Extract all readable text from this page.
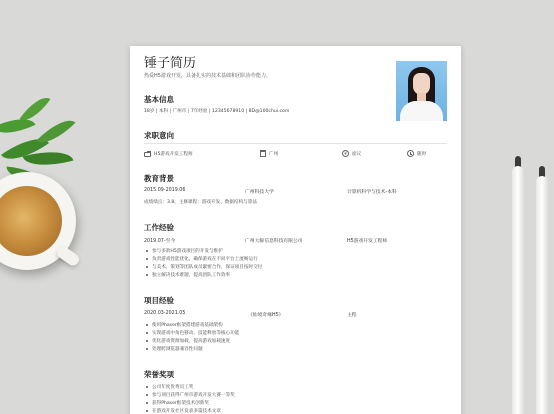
锤子简历
热爱H5游戏开发，具备扎实的技术基础和团队协作能力。
基本信息
18岁 | 本科 | 广州市 | 7年经验 | 12345678910 | 8D@100chui.com
求职意向
H5游戏开发工程师	广州	¥	面议	随时
教育背景
2015.09-2019.06	广州科技大学	计算机科学与技术-本科
成绩绩点：3.8，主修课程：游戏开发、数据结构与算法
工作经验
2019.07-至今	广州大鲸信息科技有限公司	H5游戏开发工程师
参与多款H5游戏项目的开发与维护
负责游戏性能优化，确保游戏在不同平台上流畅运行
与美术、策划等团队成员紧密合作，保证项目按时交付
独立解决技术难题，提高团队工作效率
项目经验
2020.03-2021.05	《仙境奇缘H5》	主程
使用Phaser框架搭建游戏基础架构
实现游戏中角色移动、技能释放等核心功能
优化游戏资源加载，提高游戏加载速度
处理跨浏览器兼容性问题
荣誉奖项
公司年度优秀员工奖
参与项目获得广州市游戏开发大赛一等奖
获得Phaser框架技术创新奖
在游戏开发社区发表多篇技术文章
